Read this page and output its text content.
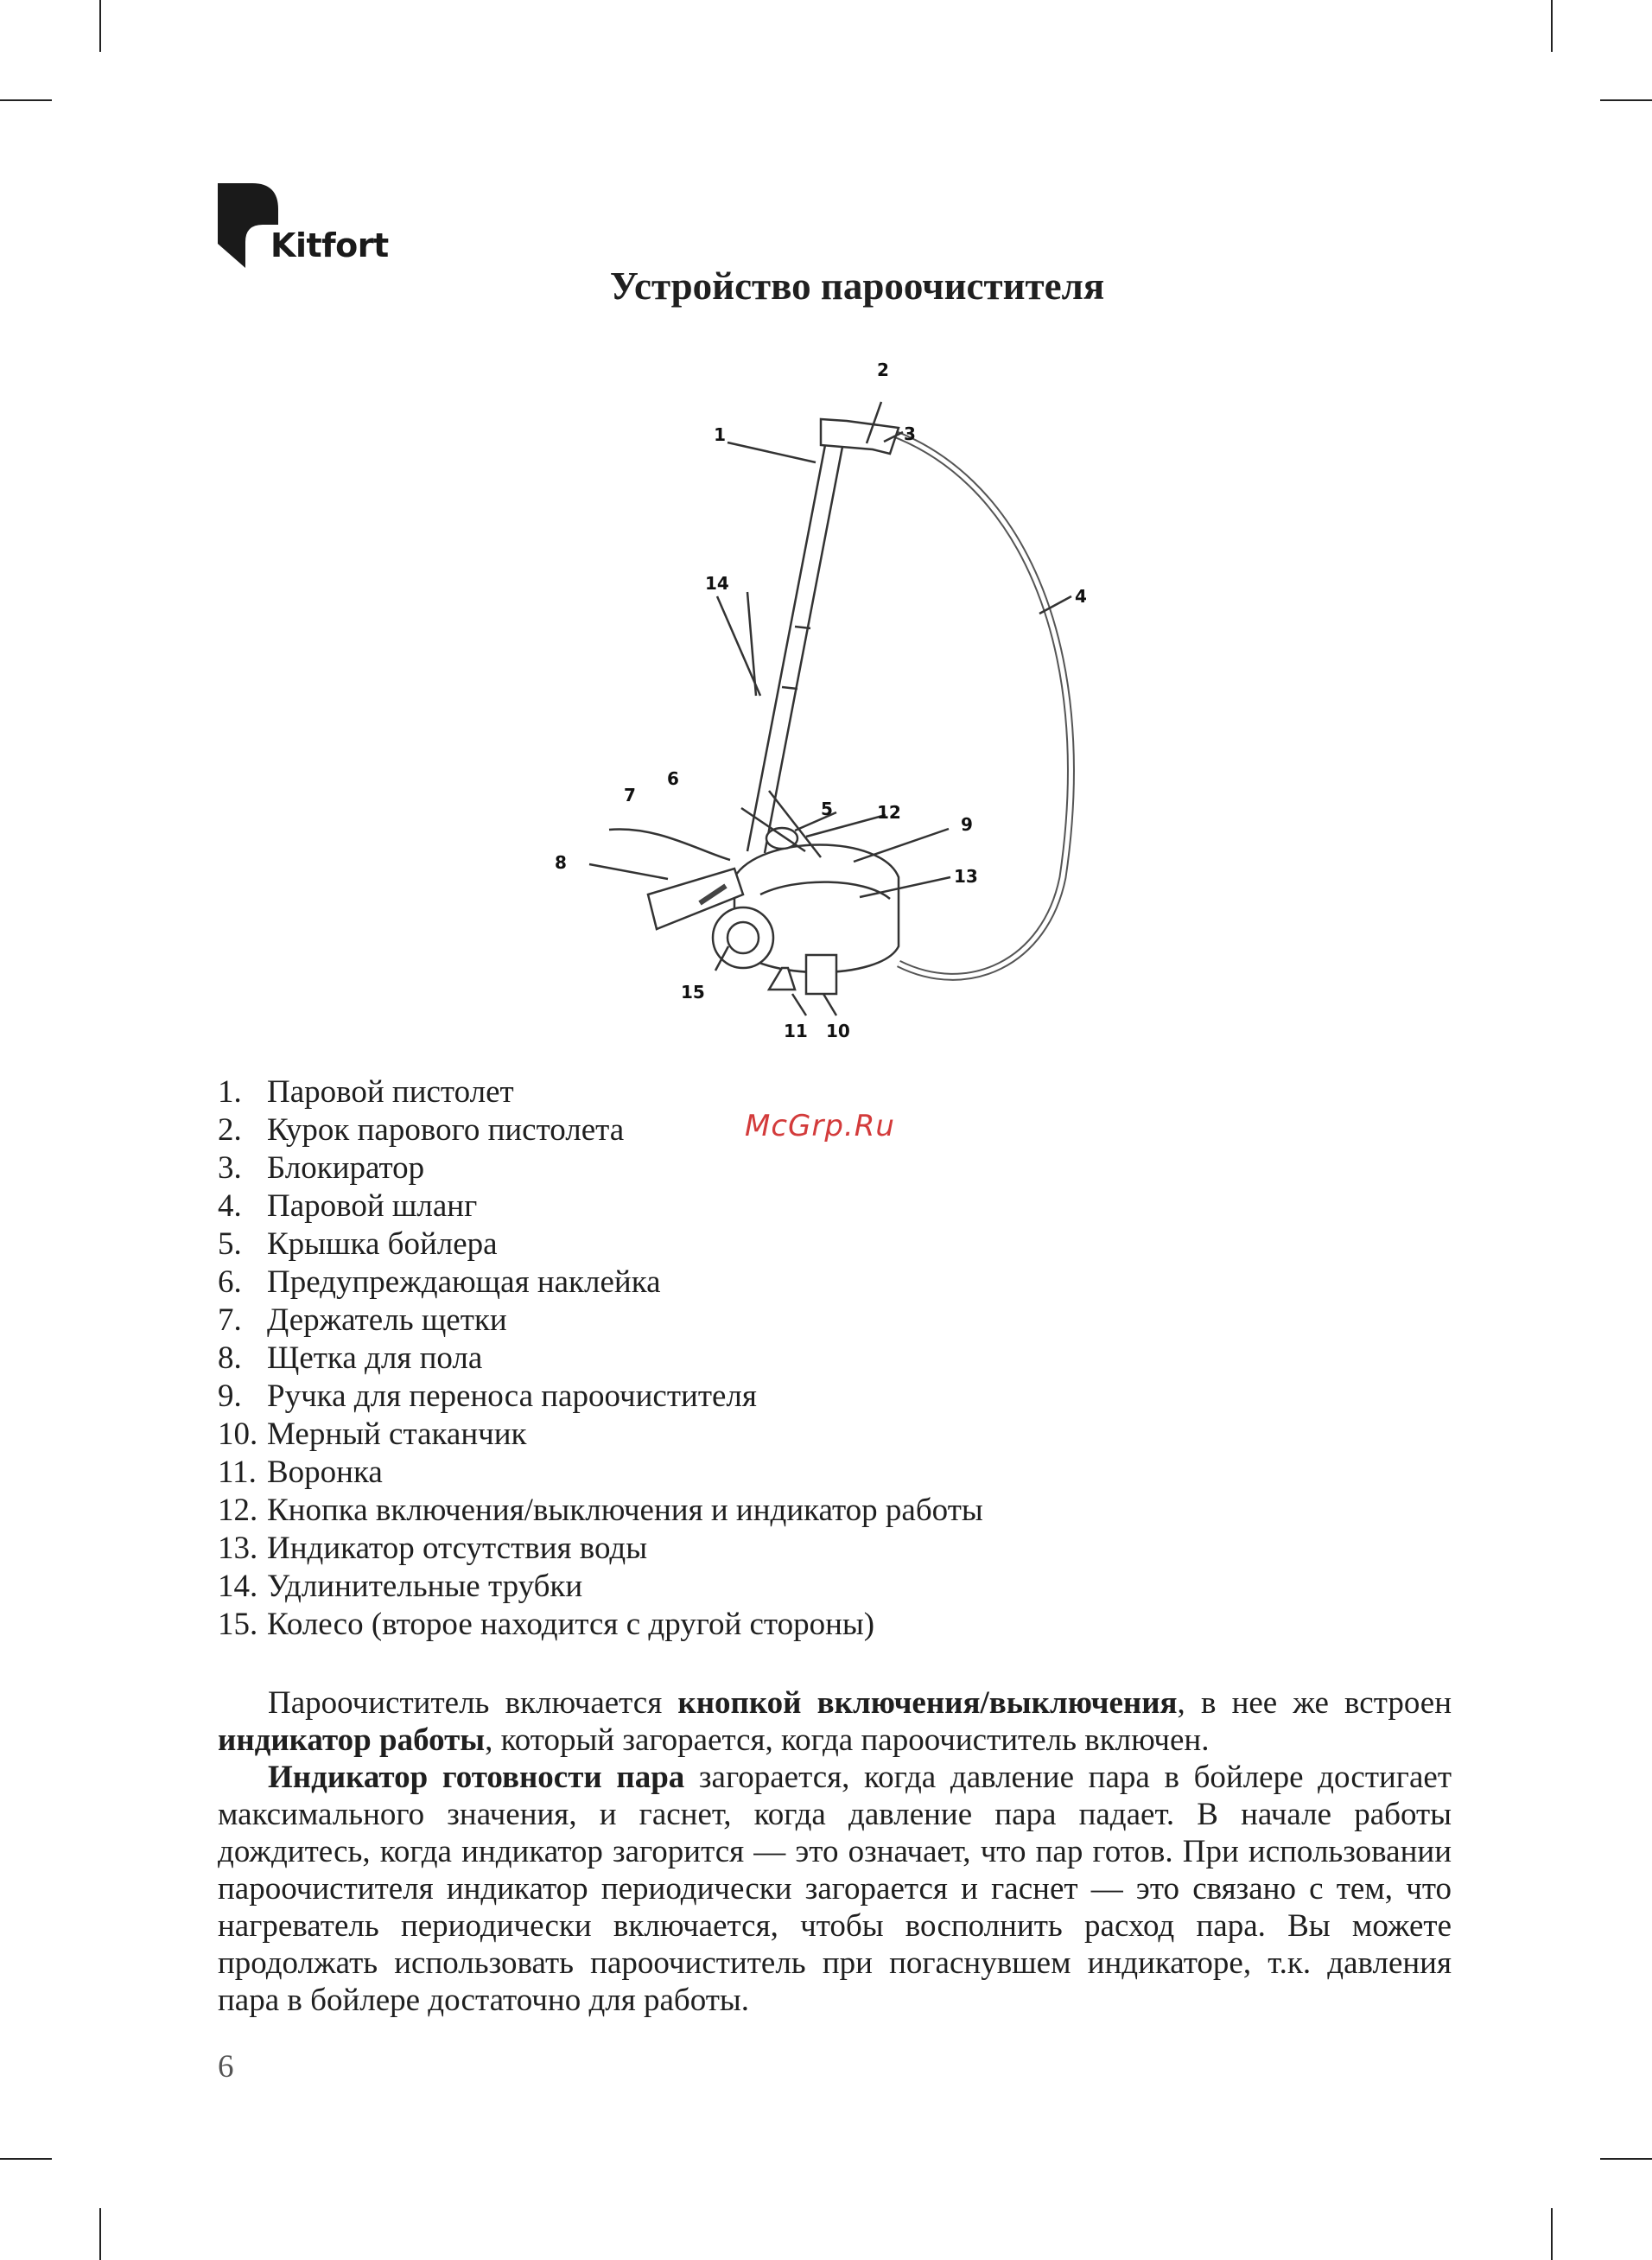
Kitfort
Устройство пароочистителя
1
2
3
4
5
6
7
8
9
10
11
12
13
14
15
1. Паровой пистолет
2. Курок парового пистолета
3. Блокиратор
4. Паровой шланг
5. Крышка бойлера
6. Предупреждающая наклейка
7. Держатель щетки
8. Щетка для пола
9. Ручка для переноса пароочистителя
10. Мерный стаканчик
11. Воронка
12. Кнопка включения/выключения и индикатор работы
13. Индикатор отсутствия воды
14. Удлинительные трубки
15. Колесо (второе находится с другой стороны)
McGrp.Ru

Пароочиститель включается кнопкой включения/выключения, в нее же встроен индикатор работы, который загорается, когда пароочиститель включен.

Индикатор готовности пара загорается, когда давление пара в бойлере достигает максимального значения, и гаснет, когда давление пара падает. В начале работы дождитесь, когда индикатор загорится — это означает, что пар готов. При использовании пароочистителя индикатор периодически загорается и гаснет — это связано с тем, что нагреватель периодически включается, чтобы восполнить расход пара. Вы можете продолжать использовать пароочиститель при погаснувшем индикаторе, т.к. давления пара в бойлере достаточно для работы.

6
